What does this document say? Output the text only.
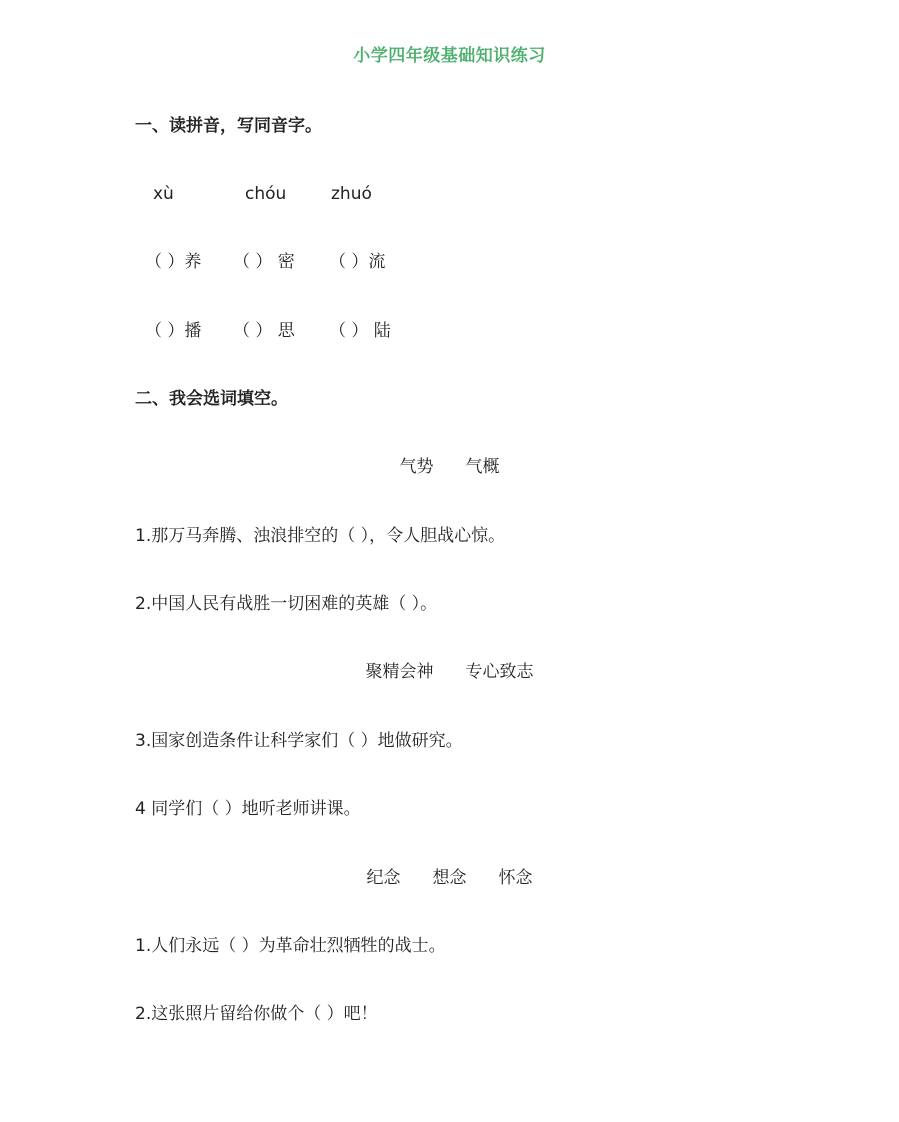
小学四年级基础知识练习
一、读拼音，写同音字。
xù	chóu	zhuó
（ ）养 （ ） 密 （ ）流
（ ）播 （ ） 思 （ ） 陆
二、我会选词填空。
气势 气概
1.那万马奔腾、浊浪排空的（ ），令人胆战心惊。
2.中国人民有战胜一切困难的英雄（ ）。
聚精会神 专心致志
3.国家创造条件让科学家们（ ）地做研究。
4 同学们（ ）地听老师讲课。
纪念 想念 怀念
1.人们永远（ ）为革命壮烈牺牲的战士。
2.这张照片留给你做个（ ）吧！
